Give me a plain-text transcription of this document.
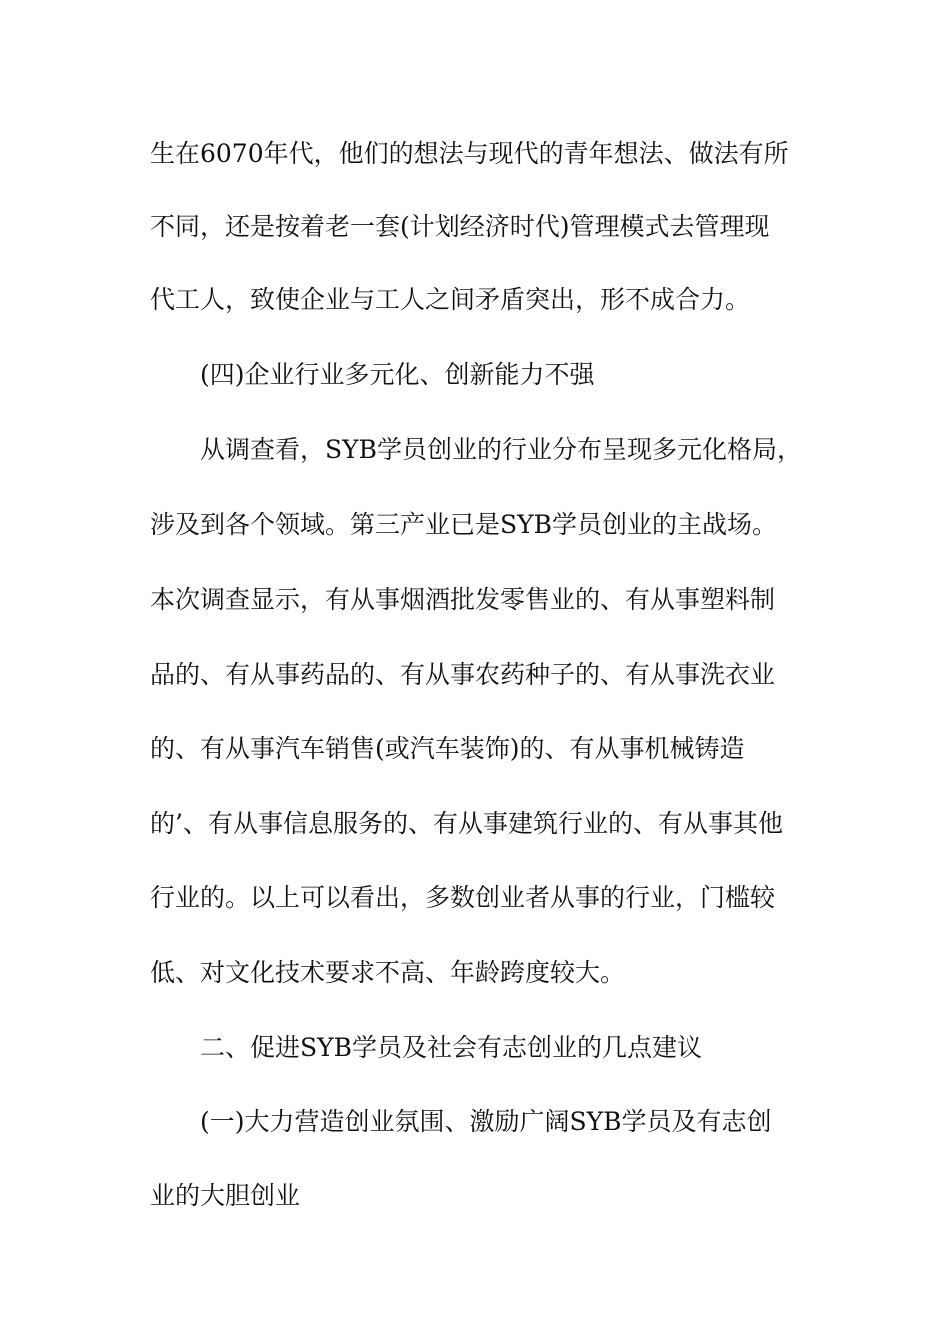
生在6070年代，他们的想法与现代的青年想法、做法有所
不同，还是按着老一套(计划经济时代)管理模式去管理现
代工人，致使企业与工人之间矛盾突出，形不成合力。
(四)企业行业多元化、创新能力不强
从调查看，SYB学员创业的行业分布呈现多元化格局，
涉及到各个领域。第三产业已是SYB学员创业的主战场。
本次调查显示，有从事烟酒批发零售业的、有从事塑料制
品的、有从事药品的、有从事农药种子的、有从事洗衣业
的、有从事汽车销售(或汽车装饰)的、有从事机械铸造
的’、有从事信息服务的、有从事建筑行业的、有从事其他
行业的。以上可以看出，多数创业者从事的行业，门槛较
低、对文化技术要求不高、年龄跨度较大。
二、促进SYB学员及社会有志创业的几点建议
(一)大力营造创业氛围、激励广阔SYB学员及有志创
业的大胆创业
